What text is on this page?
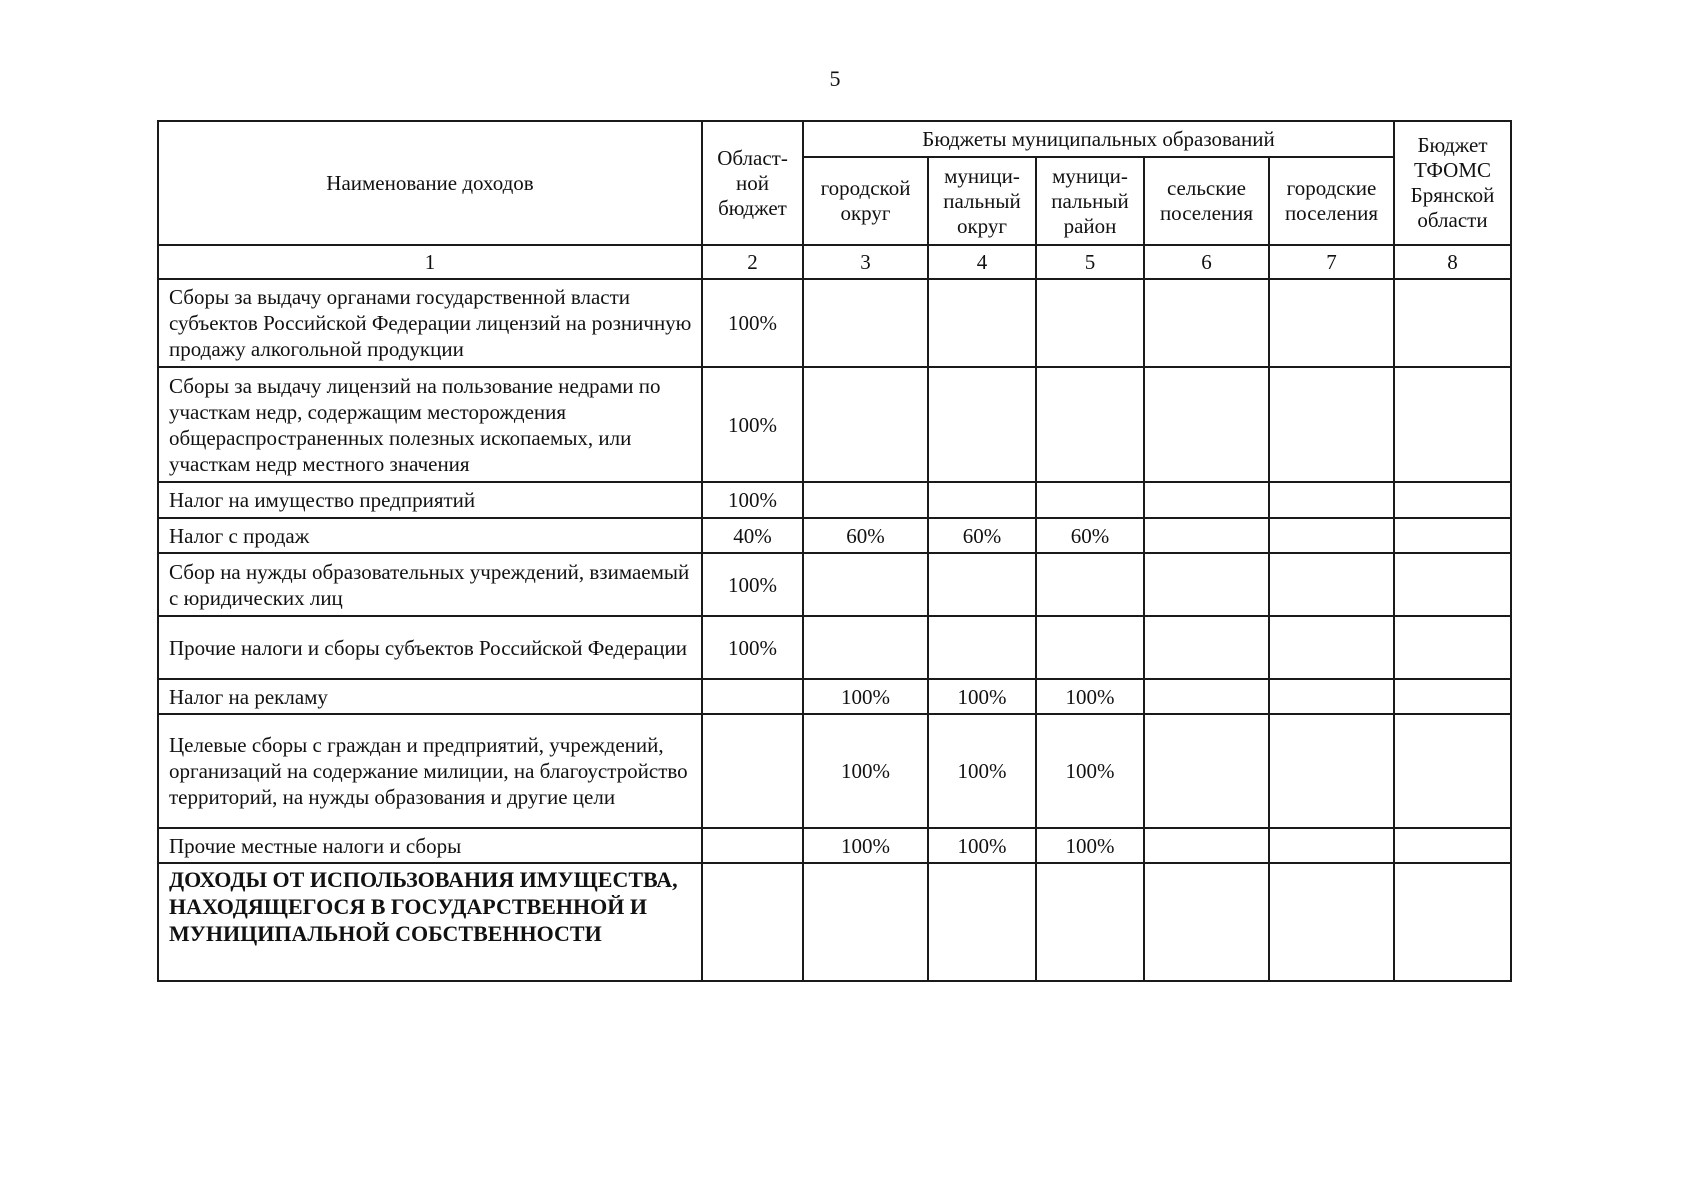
5
Наименование доходов	Област-ной бюджет	Бюджеты муниципальных образований					Бюджет ТФОМС Брянской области
		городской округ	муници-пальный округ	муници-пальный район	сельские поселения	городские поселения	
1	2	3	4	5	6	7	8
Сборы за выдачу органами государственной власти субъектов Российской Федерации лицензий на розничную продажу алкогольной продукции	100%						
Сборы за выдачу лицензий на пользование недрами по участкам недр, содержащим месторождения общераспространенных полезных ископаемых, или участкам недр местного значения	100%						
Налог на имущество предприятий	100%						
Налог с продаж	40%	60%	60%	60%			
Сбор на нужды образовательных учреждений, взимаемый с юридических лиц	100%						
Прочие налоги и сборы субъектов Российской Федерации	100%						
Налог на рекламу		100%	100%	100%			
Целевые сборы с граждан и предприятий, учреждений, организаций на содержание милиции, на благоустройство территорий, на нужды образования и другие цели		100%	100%	100%			
Прочие местные налоги и сборы		100%	100%	100%			
ДОХОДЫ ОТ ИСПОЛЬЗОВАНИЯ ИМУЩЕСТВА, НАХОДЯЩЕГОСЯ В ГОСУДАРСТВЕННОЙ И МУНИЦИПАЛЬНОЙ СОБСТВЕННОСТИ							
